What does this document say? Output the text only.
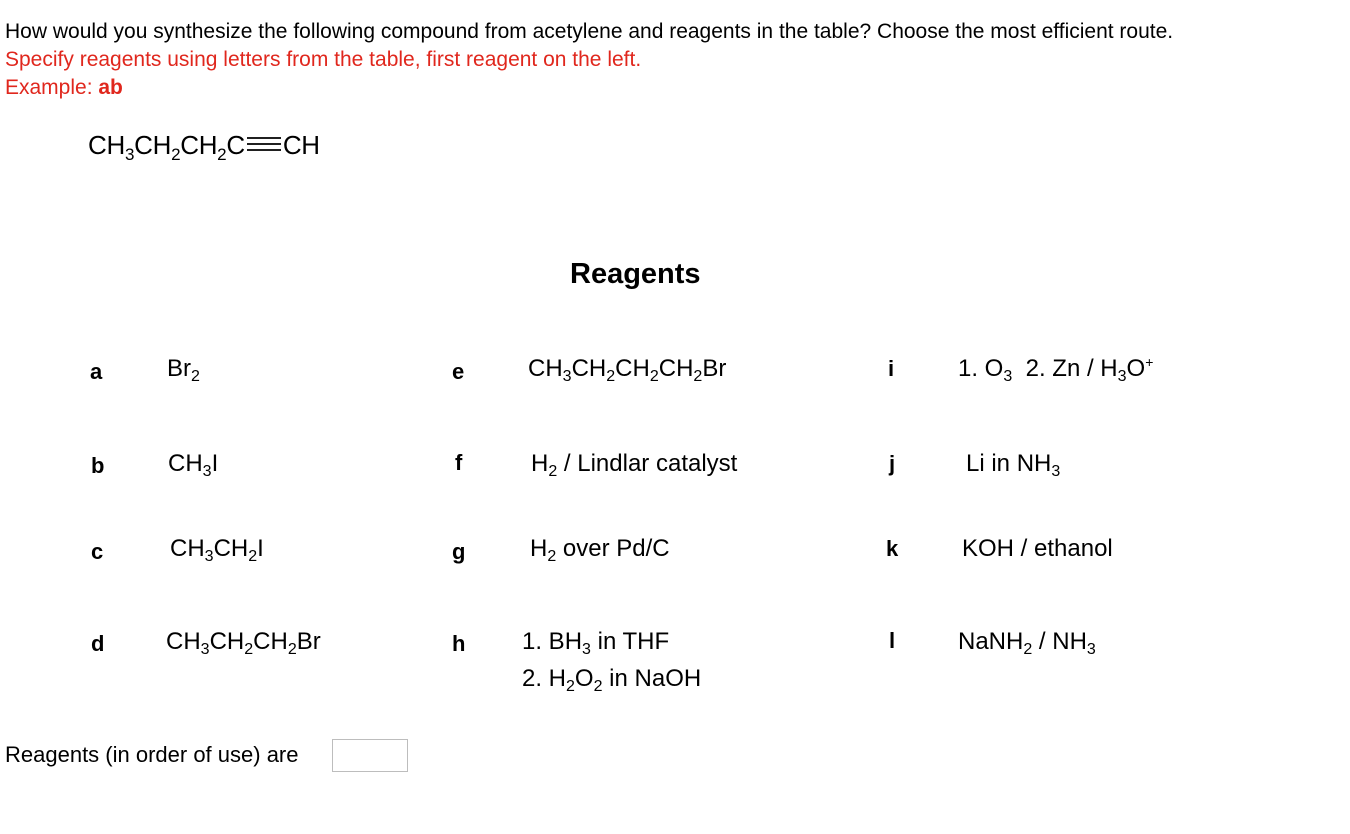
How would you synthesize the following compound from acetylene and reagents in the table? Choose the most efficient route.
Specify reagents using letters from the table, first reagent on the left.
Example: ab
$CH_3CH_2CH_2C$ CH
Reagents
a	$Br_2$
b	$CH_3I$
c	$CH_3CH_2I$
d	$CH_3CH_2CH_2Br$
e	$CH_3CH_2CH_2CH_2Br$
f	$H_2$ / Lindlar catalyst
g	$H_2$ over Pd/C
h 1. $BH_3$ in THF
2. $H_2O_2$ in NaOH
i	1. $O_3$  2. Zn / $H_3O^+$
j	Li in $NH_3$
k	KOH / ethanol
l	NaNH$_2$ / $NH_3$
Reagents (in order of use) are
